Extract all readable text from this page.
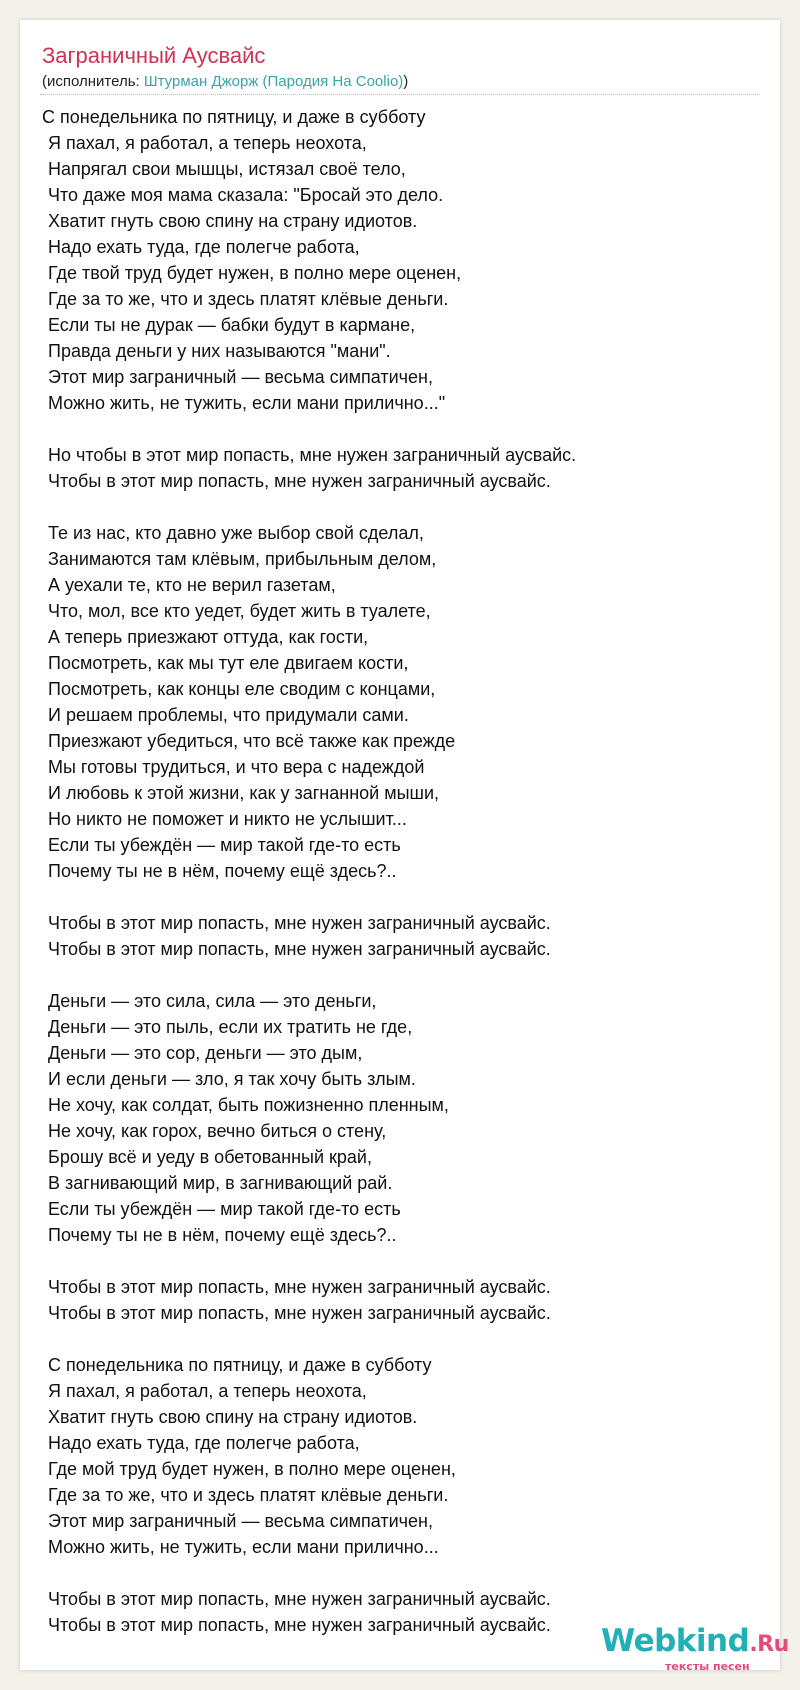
Заграничный Аусвайс
(исполнитель: Штурман Джорж (Пародия На Coolio))
С понедельника по пятницу, и даже в субботу
Я пахал, я работал, а теперь неохота,
Напрягал свои мышцы, истязал своё тело,
Что даже моя мама сказала: "Бросай это дело.
Хватит гнуть свою спину на страну идиотов.
Надо ехать туда, где полегче работа,
Где твой труд будет нужен, в полно мере оценен,
Где за то же, что и здесь платят клёвые деньги.
Если ты не дурак — бабки будут в кармане,
Правда деньги у них называются "мани".
Этот мир заграничный — весьма симпатичен,
Можно жить, не тужить, если мани прилично..."
Но чтобы в этот мир попасть, мне нужен заграничный аусвайс.
Чтобы в этот мир попасть, мне нужен заграничный аусвайс.
Те из нас, кто давно уже выбор свой сделал,
Занимаются там клёвым, прибыльным делом,
А уехали те, кто не верил газетам,
Что, мол, все кто уедет, будет жить в туалете,
А теперь приезжают оттуда, как гости,
Посмотреть, как мы тут еле двигаем кости,
Посмотреть, как концы еле сводим с концами,
И решаем проблемы, что придумали сами.
Приезжают убедиться, что всё также как прежде
Мы готовы трудиться, и что вера с надеждой
И любовь к этой жизни, как у загнанной мыши,
Но никто не поможет и никто не услышит...
Если ты убеждён — мир такой где-то есть
Почему ты не в нём, почему ещё здесь?..
Чтобы в этот мир попасть, мне нужен заграничный аусвайс.
Чтобы в этот мир попасть, мне нужен заграничный аусвайс.
Деньги — это сила, сила — это деньги,
Деньги — это пыль, если их тратить не где,
Деньги — это сор, деньги — это дым,
И если деньги — зло, я так хочу быть злым.
Не хочу, как солдат, быть пожизненно пленным,
Не хочу, как горох, вечно биться о стену,
Брошу всё и уеду в обетованный край,
В загнивающий мир, в загнивающий рай.
Если ты убеждён — мир такой где-то есть
Почему ты не в нём, почему ещё здесь?..
Чтобы в этот мир попасть, мне нужен заграничный аусвайс.
Чтобы в этот мир попасть, мне нужен заграничный аусвайс.
С понедельника по пятницу, и даже в субботу
Я пахал, я работал, а теперь неохота,
Хватит гнуть свою спину на страну идиотов.
Надо ехать туда, где полегче работа,
Где мой труд будет нужен, в полно мере оценен,
Где за то же, что и здесь платят клёвые деньги.
Этот мир заграничный — весьма симпатичен,
Можно жить, не тужить, если мани прилично...
Чтобы в этот мир попасть, мне нужен заграничный аусвайс.
Чтобы в этот мир попасть, мне нужен заграничный аусвайс.	Webkind.Ru
тексты песен
